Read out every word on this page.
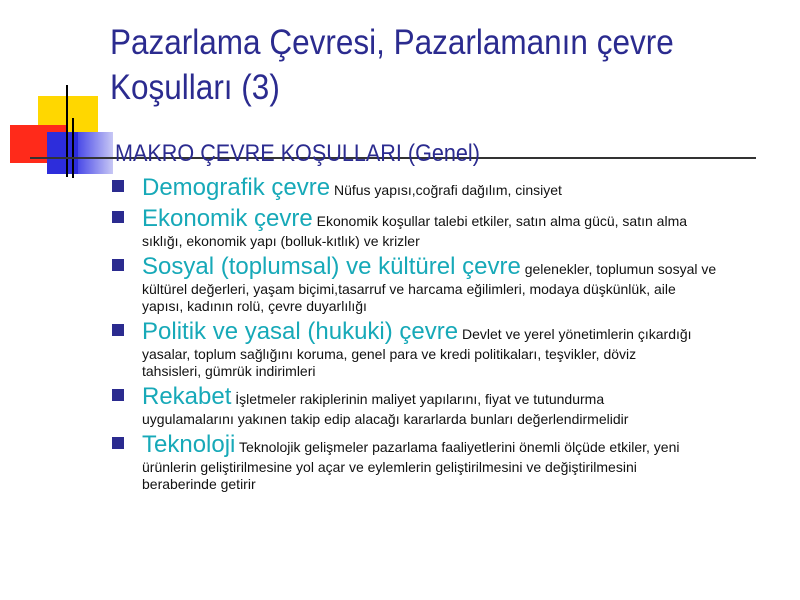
Pazarlama Çevresi, Pazarlamanın çevre
Koşulları (3)
MAKRO ÇEVRE KOŞULLARI (Genel)
Demografik çevre Nüfus yapısı,coğrafi dağılım, cinsiyet
Ekonomik çevre Ekonomik koşullar talebi etkiler, satın alma gücü, satın alma
sıklığı, ekonomik yapı (bolluk-kıtlık) ve krizler
Sosyal (toplumsal) ve kültürel çevre gelenekler, toplumun sosyal ve
kültürel değerleri, yaşam biçimi,tasarruf ve harcama eğilimleri, modaya düşkünlük, aile
yapısı, kadının rolü, çevre duyarlılığı
Politik ve yasal (hukuki) çevre Devlet ve yerel yönetimlerin çıkardığı
yasalar, toplum sağlığını koruma, genel para ve kredi politikaları, teşvikler, döviz
tahsisleri, gümrük indirimleri
Rekabet İşletmeler rakiplerinin maliyet yapılarını, fiyat ve tutundurma
uygulamalarını yakınen takip edip alacağı kararlarda bunları değerlendirmelidir
Teknoloji Teknolojik gelişmeler pazarlama faaliyetlerini önemli ölçüde etkiler, yeni
ürünlerin geliştirilmesine yol açar ve eylemlerin geliştirilmesini ve değiştirilmesini
beraberinde getirir
